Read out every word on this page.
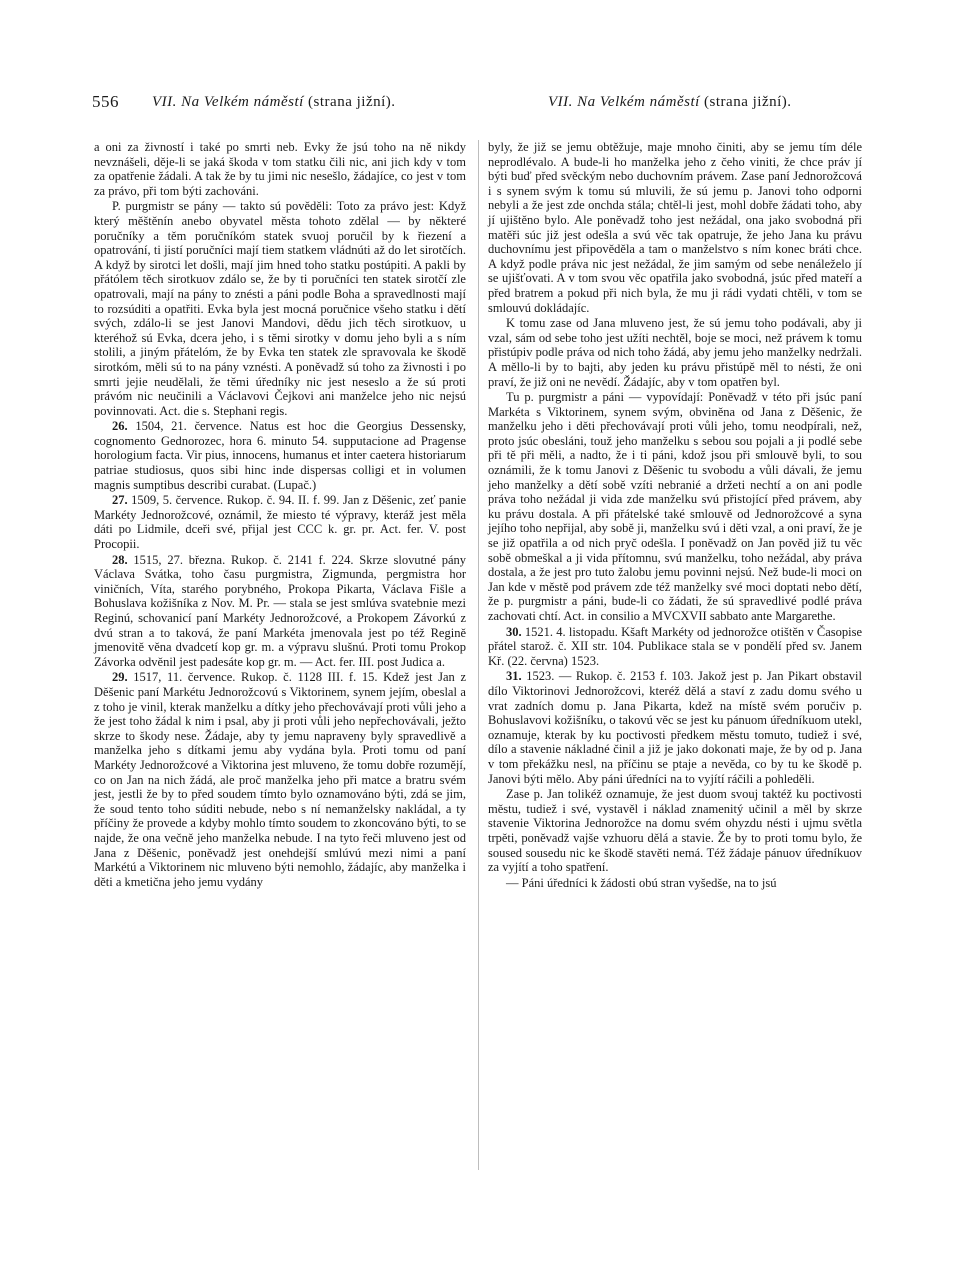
556 VII. Na Velkém náměstí (strana jižní).	VII. Na Velkém náměstí (strana jižní).

a oni za živností i také po smrti neb. Evky že jsú toho na ně nikdy nevznášeli, děje-li se jaká škoda v tom statku čili nic, ani jich kdy v tom za opatřenie žádali. A tak že by tu jimi nic nesešlo, žádajíce, co jest v tom za právo, při tom býti zachováni.

P. purgmistr se pány — takto sú pověděli: Toto za právo jest: Když který měštěnín anebo obyvatel města tohoto zdělal — by některé poručníky a těm poručníkóm statek svuoj poručil by k řiezení a opatrování, ti jistí poručníci mají tiem statkem vládnúti až do let sirotčích. A když by sirotci let došli, mají jim hned toho statku postúpiti. A pakli by přátólem těch sirotkuov zdálo se, že by ti poručníci ten statek sirotčí zle opatrovali, mají na pány to znésti a páni podle Boha a spravedlnosti mají to rozsúditi a opatřiti. Evka byla jest mocná poručnice všeho statku i dětí svých, zdálo-li se jest Janovi Mandovi, dědu jich těch sirotkuov, u kteréhož sú Evka, dcera jeho, i s těmi sirotky v domu jeho byli a s ním stolili, a jiným přátelóm, že by Evka ten statek zle spravovala ke škodě sirotkóm, měli sú to na pány vznésti. A poněvadž sú toho za živnosti i po smrti jejie neudělali, že těmi úředníky nic jest neseslo a že sú proti právóm nic neučinili a Václavovi Čejkovi ani manželce jeho nic nejsú povinnovati. Act. die s. Stephani regis.

26. 1504, 21. července. Natus est hoc die Georgius Dessensky, cognomento Gednorozec, hora 6. minuto 54. supputacione ad Pragense horologium facta. Vir pius, innocens, humanus et inter caetera historiarum patriae studiosus, quos sibi hinc inde dispersas colligi et in volumen magnis sumptibus describi curabat. (Lupač.)

27. 1509, 5. července. Rukop. č. 94. II. f. 99. Jan z Děšenic, zeť panie Markéty Jednorožcové, oznámil, že miesto té výpravy, kteráž jest měla dáti po Lidmile, dceři své, přijal jest CCC k. gr. pr. Act. fer. V. post Procopii.

28. 1515, 27. března. Rukop. č. 2141 f. 224. Skrze slovutné pány Václava Svátka, toho času purgmistra, Zigmunda, pergmistra hor viničních, Víta, starého porybného, Prokopa Pikarta, Václava Fišle a Bohuslava kožišníka z Nov. M. Pr. — stala se jest smlúva svatebnie mezi Reginú, schovanicí paní Markéty Jednorožcové, a Prokopem Závorkú z dvú stran a to taková, že paní Markéta jmenovala jest po též Regině jmenovitě věna dvadcetí kop gr. m. a výpravu slušnú. Proti tomu Prokop Závorka odvěnil jest padesáte kop gr. m. — Act. fer. III. post Judica a.

29. 1517, 11. července. Rukop. č. 1128 III. f. 15. Kdež jest Jan z Děšenic paní Markétu Jednorožcovú s Viktorinem, synem jejím, obeslal a z toho je vinil, kterak manželku a dítky jeho přechovávají proti vůli jeho a že jest toho žádal k nim i psal, aby ji proti vůli jeho nepřechovávali, ježto skrze to škody nese. Žádaje, aby ty jemu napraveny byly spravedlivě a manželka jeho s dítkami jemu aby vydána byla. Proti tomu od paní Markéty Jednorožcové a Viktorina jest mluveno, že tomu dobře rozumějí, co on Jan na nich žádá, ale proč manželka jeho při matce a bratru svém jest, jestli že by to před soudem tímto bylo oznamováno býti, zdá se jim, že soud tento toho súditi nebude, nebo s ní nemanželsky nakládal, a ty příčiny že provede a kdyby mohlo tímto soudem to zkoncováno býti, to se najde, že ona večně jeho manželka nebude. I na tyto řeči mluveno jest od Jana z Děšenic, poněvadž jest onehdejší smlúvú mezi nimi a paní Markétú a Viktorinem nic mluveno býti nemohlo, žádajíc, aby manželka i děti a kmetična jeho jemu vydány

byly, že již se jemu obtěžuje, maje mnoho činiti, aby se jemu tím déle neprodlévalo. A bude-li ho manželka jeho z čeho viniti, že chce práv jí býti buď před svěckým nebo duchovním právem. Zase paní Jednorožcová i s synem svým k tomu sú mluvili, že sú jemu p. Janovi toho odporni nebyli a že jest zde onchda stála; chtěl-li jest, mohl dobře žádati toho, aby jí ujištěno bylo. Ale poněvadž toho jest nežádal, ona jako svobodná při matěři súc již jest odešla a svú věc tak opatruje, že jeho Jana ku právu duchovnímu jest připověděla a tam o manželstvo s ním konec bráti chce. A když podle práva nic jest nežádal, že jim samým od sebe nenáleželo jí se ujišťovati. A v tom svou věc opatřila jako svobodná, jsúc před mateří a před bratrem a pokud při nich byla, že mu ji rádi vydati chtěli, v tom se smlouvú dokládajíc.

K tomu zase od Jana mluveno jest, že sú jemu toho podávali, aby ji vzal, sám od sebe toho jest užíti nechtěl, boje se moci, než právem k tomu přistúpiv podle práva od nich toho žádá, aby jemu jeho manželky nedržali. A měllo-li by to bajti, aby jeden ku právu přistúpě měl to nésti, že oni praví, že již oni ne nevědí. Žádajíc, aby v tom opatřen byl.

Tu p. purgmistr a páni — vypovídají: Poněvadž v této při jsúc paní Markéta s Viktorinem, synem svým, obviněna od Jana z Děšenic, že manželku jeho i děti přechovávají proti vůli jeho, tomu neodpírali, než, proto jsúc obesláni, touž jeho manželku s sebou sou pojali a ji podlé sebe při tě při měli, a nadto, že i ti páni, kdož jsou při smlouvě byli, to sou oznámili, že k tomu Janovi z Děšenic tu svobodu a vůli dávali, že jemu jeho manželky a dětí sobě vzíti nebranié a držeti nechtí a on ani podle práva toho nežádal ji vida zde manželku svú přistojící před právem, aby ku právu dostala. A při přátelské také smlouvě od Jednorožcové a syna jejího toho nepřijal, aby sobě ji, manželku svú i děti vzal, a oni praví, že je se již opatřila a od nich pryč odešla. I poněvadž on Jan pověd již tu věc sobě obmeškal a ji vida přítomnu, svú manželku, toho nežádal, aby práva dostala, a že jest pro tuto žalobu jemu povinni nejsú. Než bude-li moci on Jan kde v městě pod právem zde též manželky své moci doptati nebo dětí, že p. purgmistr a páni, bude-li co žádati, že sú spravedlivé podlé práva zachovati chtí. Act. in consilio a MVCXVII sabbato ante Margarethe.

30. 1521. 4. listopadu. Kšaft Markéty od jednorožce otištěn v Časopise přátel starož. č. XII str. 104. Publikace stala se v pondělí před sv. Janem Kř. (22. června) 1523.

31. 1523. — Rukop. č. 2153 f. 103. Jakož jest p. Jan Pikart obstavil dílo Viktorinovi Jednorožcovi, kteréž dělá a staví z zadu domu svého u vrat zadních domu p. Jana Pikarta, kdež na místě svém poručiv p. Bohuslavovi kožišníku, o takovú věc se jest ku pánuom úředníkuom utekl, oznamuje, kterak by ku poctivosti předkem městu tomuto, tudiež i své, dílo a stavenie nákladné činil a již je jako dokonati maje, že by od p. Jana v tom překážku nesl, na příčinu se ptaje a nevěda, co by tu ke škodě p. Janovi býti mělo. Aby páni úředníci na to vyjítí ráčili a pohleděli.

Zase p. Jan tolikéž oznamuje, že jest duom svouj taktéž ku poctivosti městu, tudiež i své, vystavěl i náklad znamenitý učinil a měl by skrze stavenie Viktorina Jednorožce na domu svém ohyzdu nésti i ujmu světla trpěti, poněvadž vajše vzhuoru dělá a stavie. Že by to proti tomu bylo, že soused sousedu nic ke škodě stavěti nemá. Též žádaje pánuov úředníkuov za vyjítí a toho spatření.

— Páni úředníci k žádosti obú stran vyšedše, na to jsú
